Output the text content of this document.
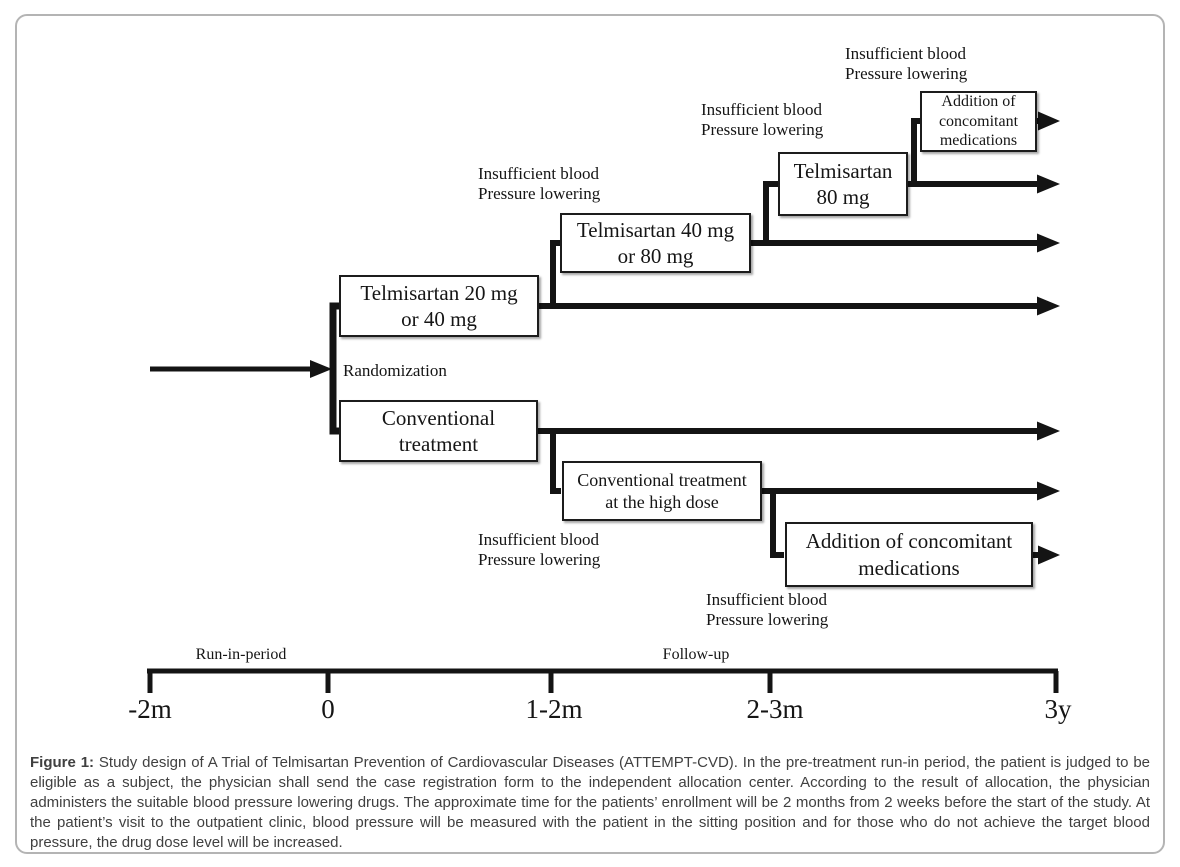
Telmisartan 20 mg
or 40 mg
Telmisartan 40 mg
or 80 mg
Telmisartan
80 mg
Addition of
concomitant
medications
Conventional
treatment
Conventional treatment
at the high dose
Addition of concomitant
medications
Insufficient blood
Pressure lowering
Insufficient blood
Pressure lowering
Insufficient blood
Pressure lowering
Insufficient blood
Pressure lowering
Insufficient blood
Pressure lowering
Randomization
Run-in-period	Follow-up
-2m	0	1-2m	2-3m	3y

Figure 1: Study design of A Trial of Telmisartan Prevention of Cardiovascular Diseases (ATTEMPT-CVD). In the pre-treatment run-in period, the patient is judged to be eligible as a subject, the physician shall send the case registration form to the independent allocation center. According to the result of allocation, the physician administers the suitable blood pressure lowering drugs. The approximate time for the patients’ enrollment will be 2 months from 2 weeks before the start of the study. At the patient’s visit to the outpatient clinic, blood pressure will be measured with the patient in the sitting position and for those who do not achieve the target blood pressure, the drug dose level will be increased.
